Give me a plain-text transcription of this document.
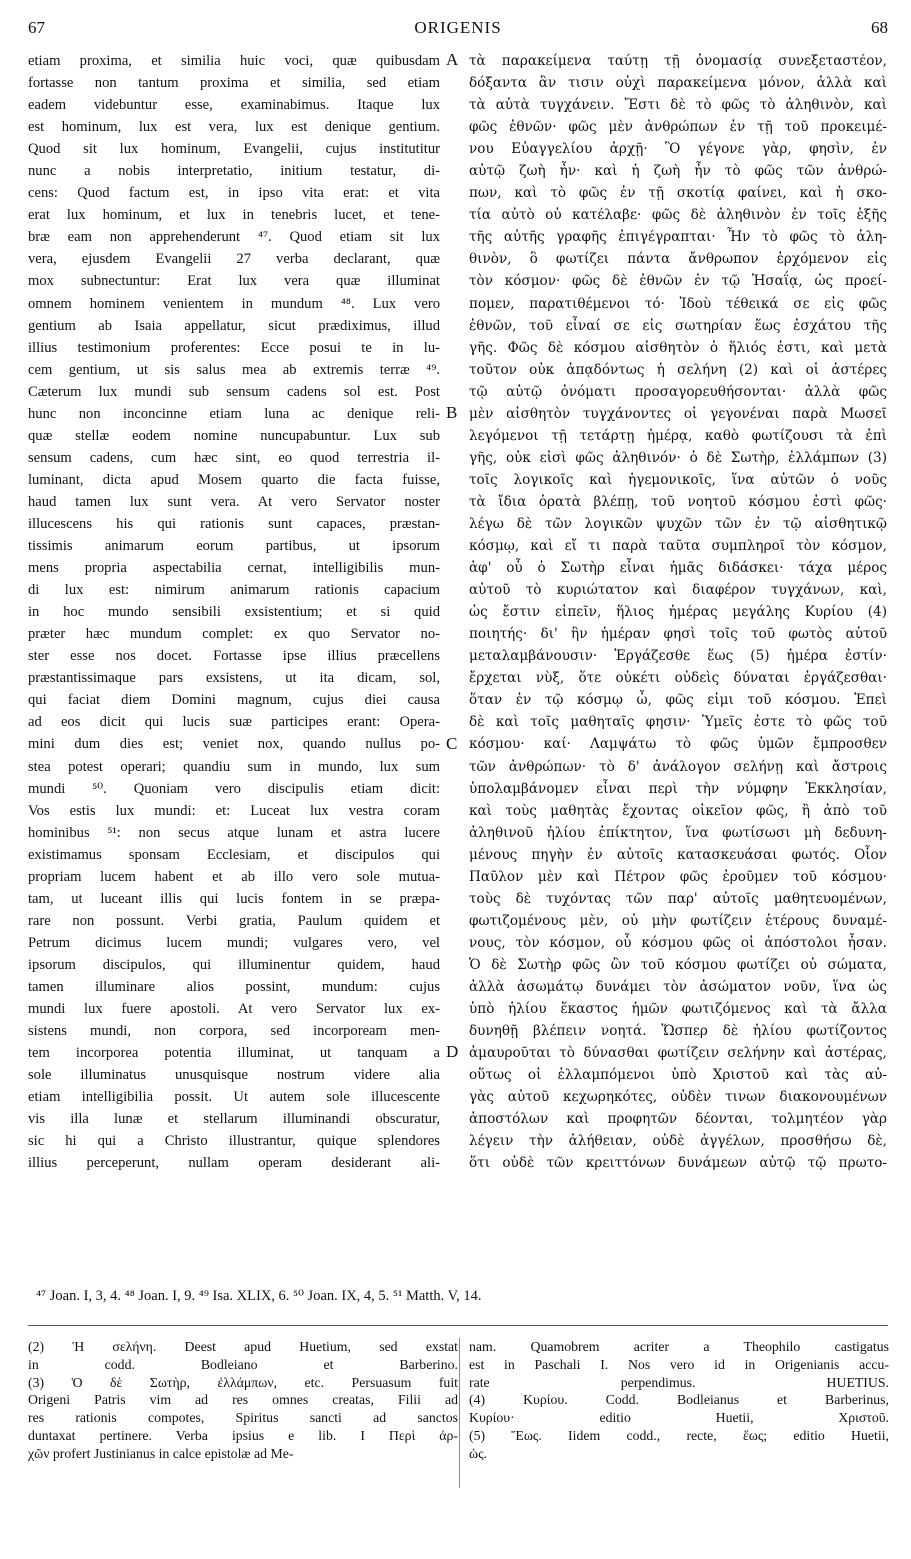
67	ORIGENIS	68
etiam proxima, et similia huic voci, quæ quibusdam
fortasse non tantum proxima et similia, sed etiam
eadem videbuntur esse, examinabimus. Itaque lux
est hominum, lux est vera, lux est denique gentium.
Quod sit lux hominum, Evangelii, cujus institutitur
nunc a nobis interpretatio, initium testatur, di-
cens: Quod factum est, in ipso vita erat: et vita
erat lux hominum, et lux in tenebris lucet, et tene-
bræ eam non apprehenderunt ⁴⁷. Quod etiam sit lux
vera, ejusdem Evangelii 27 verba declarant, quæ
mox subnectuntur: Erat lux vera quæ illuminat
omnem hominem venientem in mundum ⁴⁸. Lux vero
gentium ab Isaia appellatur, sicut prædiximus, illud
illius testimonium proferentes: Ecce posui te in lu-
cem gentium, ut sis salus mea ab extremis terræ ⁴⁹.
Cæterum lux mundi sub sensum cadens sol est. Post
hunc non inconcinne etiam luna ac denique reli-
quæ stellæ eodem nomine nuncupabuntur. Lux sub
sensum cadens, cum hæc sint, eo quod terrestria il-
luminant, dicta apud Mosem quarto die facta fuisse,
haud tamen lux sunt vera. At vero Servator noster
illucescens his qui rationis sunt capaces, præstan-
tissimis animarum eorum partibus, ut ipsorum
mens propria aspectabilia cernat, intelligibilis mun-
di lux est: nimirum animarum rationis capacium
in hoc mundo sensibili exsistentium; et si quid
præter hæc mundum complet: ex quo Servator no-
ster esse nos docet. Fortasse ipse illius præcellens
præstantissimaque pars exsistens, ut ita dicam, sol,
qui faciat diem Domini magnum, cujus diei causa
ad eos dicit qui lucis suæ participes erant: Opera-
mini dum dies est; veniet nox, quando nullus po-
stea potest operari; quandiu sum in mundo, lux sum
mundi ⁵⁰. Quoniam vero discipulis etiam dicit:
Vos estis lux mundi: et: Luceat lux vestra coram
hominibus ⁵¹: non secus atque lunam et astra lucere
existimamus sponsam Ecclesiam, et discipulos qui
propriam lucem habent et ab illo vero sole mutua-
tam, ut luceant illis qui lucis fontem in se præpa-
rare non possunt. Verbi gratia, Paulum quidem et
Petrum dicimus lucem mundi; vulgares vero, vel
ipsorum discipulos, qui illuminentur quidem, haud
tamen illuminare alios possint, mundum: cujus
mundi lux fuere apostoli. At vero Servator lux ex-
sistens mundi, non corpora, sed incorpoream men-
tem incorporea potentia illuminat, ut tanquam a
sole illuminatus unusquisque nostrum videre alia
etiam intelligibilia possit. Ut autem sole illucescente
vis illa lunæ et stellarum illuminandi obscuratur,
sic hi qui a Christo illustrantur, quique splendores
illius perceperunt, nullam operam desiderant ali-
A
B
C
D
τὰ παρακείμενα ταύτῃ τῇ ὀνομασίᾳ συνεξεταστέον,
δόξαντα ἂν τισιν οὐχὶ παρακείμενα μόνον, ἀλλὰ καὶ
τὰ αὐτὰ τυγχάνειν. Ἔστι δὲ τὸ φῶς τὸ ἀληθινὸν, καὶ
φῶς ἐθνῶν· φῶς μὲν ἀνθρώπων ἐν τῇ τοῦ προκειμέ-
νου Εὐαγγελίου ἀρχῇ· Ὃ γέγονε γὰρ, φησὶν, ἐν
αὐτῷ ζωὴ ἦν· καὶ ἡ ζωὴ ἦν τὸ φῶς τῶν ἀνθρώ-
πων, καὶ τὸ φῶς ἐν τῇ σκοτίᾳ φαίνει, καὶ ἡ σκο-
τία αὐτὸ οὐ κατέλαβε· φῶς δὲ ἀληθινὸν ἐν τοῖς ἑξῆς
τῆς αὐτῆς γραφῆς ἐπιγέγραπται· Ἦν τὸ φῶς τὸ ἀλη-
θινὸν, ὃ φωτίζει πάντα ἄνθρωπον ἐρχόμενον εἰς
τὸν κόσμον· φῶς δὲ ἐθνῶν ἐν τῷ Ἠσαΐᾳ, ὡς προεί-
πομεν, παρατιθέμενοι τό· Ἰδοὺ τέθεικά σε εἰς φῶς
ἐθνῶν, τοῦ εἶναί σε εἰς σωτηρίαν ἕως ἐσχάτου τῆς
γῆς. Φῶς δὲ κόσμου αἰσθητὸν ὁ ἥλιός ἐστι, καὶ μετὰ
τοῦτον οὐκ ἀπᾳδόντως ἡ σελήνη (2) καὶ οἱ ἀστέρες
τῷ αὐτῷ ὀνόματι προσαγορευθήσονται· ἀλλὰ φῶς
μὲν αἰσθητὸν τυγχάνοντες οἱ γεγονέναι παρὰ Μωσεῖ
λεγόμενοι τῇ τετάρτῃ ἡμέρᾳ, καθὸ φωτίζουσι τὰ ἐπὶ
γῆς, οὐκ εἰσὶ φῶς ἀληθινόν· ὁ δὲ Σωτὴρ, ἐλλάμπων (3)
τοῖς λογικοῖς καὶ ἡγεμονικοῖς, ἵνα αὐτῶν ὁ νοῦς
τὰ ἴδια ὁρατὰ βλέπῃ, τοῦ νοητοῦ κόσμου ἐστὶ φῶς·
λέγω δὲ τῶν λογικῶν ψυχῶν τῶν ἐν τῷ αἰσθητικῷ
κόσμῳ, καὶ εἴ τι παρὰ ταῦτα συμπληροῖ τὸν κόσμον,
ἀφ' οὗ ὁ Σωτὴρ εἶναι ἡμᾶς διδάσκει· τάχα μέρος
αὐτοῦ τὸ κυριώτατον καὶ διαφέρον τυγχάνων, καὶ,
ὡς ἔστιν εἰπεῖν, ἥλιος ἡμέρας μεγάλης Κυρίου (4)
ποιητής· δι' ἣν ἡμέραν φησὶ τοῖς τοῦ φωτὸς αὐτοῦ
μεταλαμβάνουσιν· Ἐργάζεσθε ἕως (5) ἡμέρα ἐστίν·
ἔρχεται νὺξ, ὅτε οὐκέτι οὐδεὶς δύναται ἐργάζεσθαι·
ὅταν ἐν τῷ κόσμῳ ὦ, φῶς εἰμι τοῦ κόσμου. Ἐπεὶ
δὲ καὶ τοῖς μαθηταῖς φησιν· Ὑμεῖς ἐστε τὸ φῶς τοῦ
κόσμου· καί· Λαμψάτω τὸ φῶς ὑμῶν ἔμπροσθεν
τῶν ἀνθρώπων· τὸ δ' ἀνάλογον σελήνῃ καὶ ἄστροις
ὑπολαμβάνομεν εἶναι περὶ τὴν νύμφην Ἐκκλησίαν,
καὶ τοὺς μαθητὰς ἔχοντας οἰκεῖον φῶς, ἢ ἀπὸ τοῦ
ἀληθινοῦ ἡλίου ἐπίκτητον, ἵνα φωτίσωσι μὴ δεδυνη-
μένους πηγὴν ἐν αὐτοῖς κατασκευάσαι φωτός. Οἷον
Παῦλον μὲν καὶ Πέτρον φῶς ἐροῦμεν τοῦ κόσμου·
τοὺς δὲ τυχόντας τῶν παρ' αὐτοῖς μαθητευομένων,
φωτιζομένους μὲν, οὐ μὴν φωτίζειν ἑτέρους δυναμέ-
νους, τὸν κόσμον, οὗ κόσμου φῶς οἱ ἀπόστολοι ἦσαν.
Ὁ δὲ Σωτὴρ φῶς ὢν τοῦ κόσμου φωτίζει οὐ σώματα,
ἀλλὰ ἀσωμάτῳ δυνάμει τὸν ἀσώματον νοῦν, ἵνα ὡς
ὑπὸ ἡλίου ἕκαστος ἡμῶν φωτιζόμενος καὶ τὰ ἄλλα
δυνηθῇ βλέπειν νοητά. Ὥσπερ δὲ ἡλίου φωτίζοντος
ἀμαυροῦται τὸ δύνασθαι φωτίζειν σελήνην καὶ ἀστέρας,
οὕτως οἱ ἐλλαμπόμενοι ὑπὸ Χριστοῦ καὶ τὰς αὐ-
γὰς αὐτοῦ κεχωρηκότες, οὐδὲν τινων διακονουμένων
ἀποστόλων καὶ προφητῶν δέονται, τολμητέον γὰρ
λέγειν τὴν ἀλήθειαν, οὐδὲ ἀγγέλων, προσθήσω δὲ,
ὅτι οὐδὲ τῶν κρειττόνων δυνάμεων αὐτῷ τῷ πρωτο-
⁴⁷ Joan. I, 3, 4. ⁴⁸ Joan. I, 9. ⁴⁹ Isa. XLIX, 6. ⁵⁰ Joan. IX, 4, 5. ⁵¹ Matth. V, 14.
(2) Ἡ σελήνη. Deest apud Huetium, sed exstat
in codd. Bodleiano et Barberino.
(3) Ὁ δὲ Σωτὴρ, ἐλλάμπων, etc. Persuasum fuit
Origeni Patris vim ad res omnes creatas, Filii ad
res rationis compotes, Spiritus sancti ad sanctos
duntaxat pertinere. Verba ipsius e lib. I Περὶ ἀρ-
χῶν profert Justinianus in calce epistolæ ad Me-
nam. Quamobrem acriter a Theophilo castigatus
est in Paschali I. Nos vero id in Origenianis accu-
rate perpendimus. HUETIUS.
(4) Κυρίου. Codd. Bodleianus et Barberinus,
Κυρίου· editio Huetii, Χριστοῦ.
(5) Ἕως. Iidem codd., recte, ἕως; editio Huetii,
ὡς.
